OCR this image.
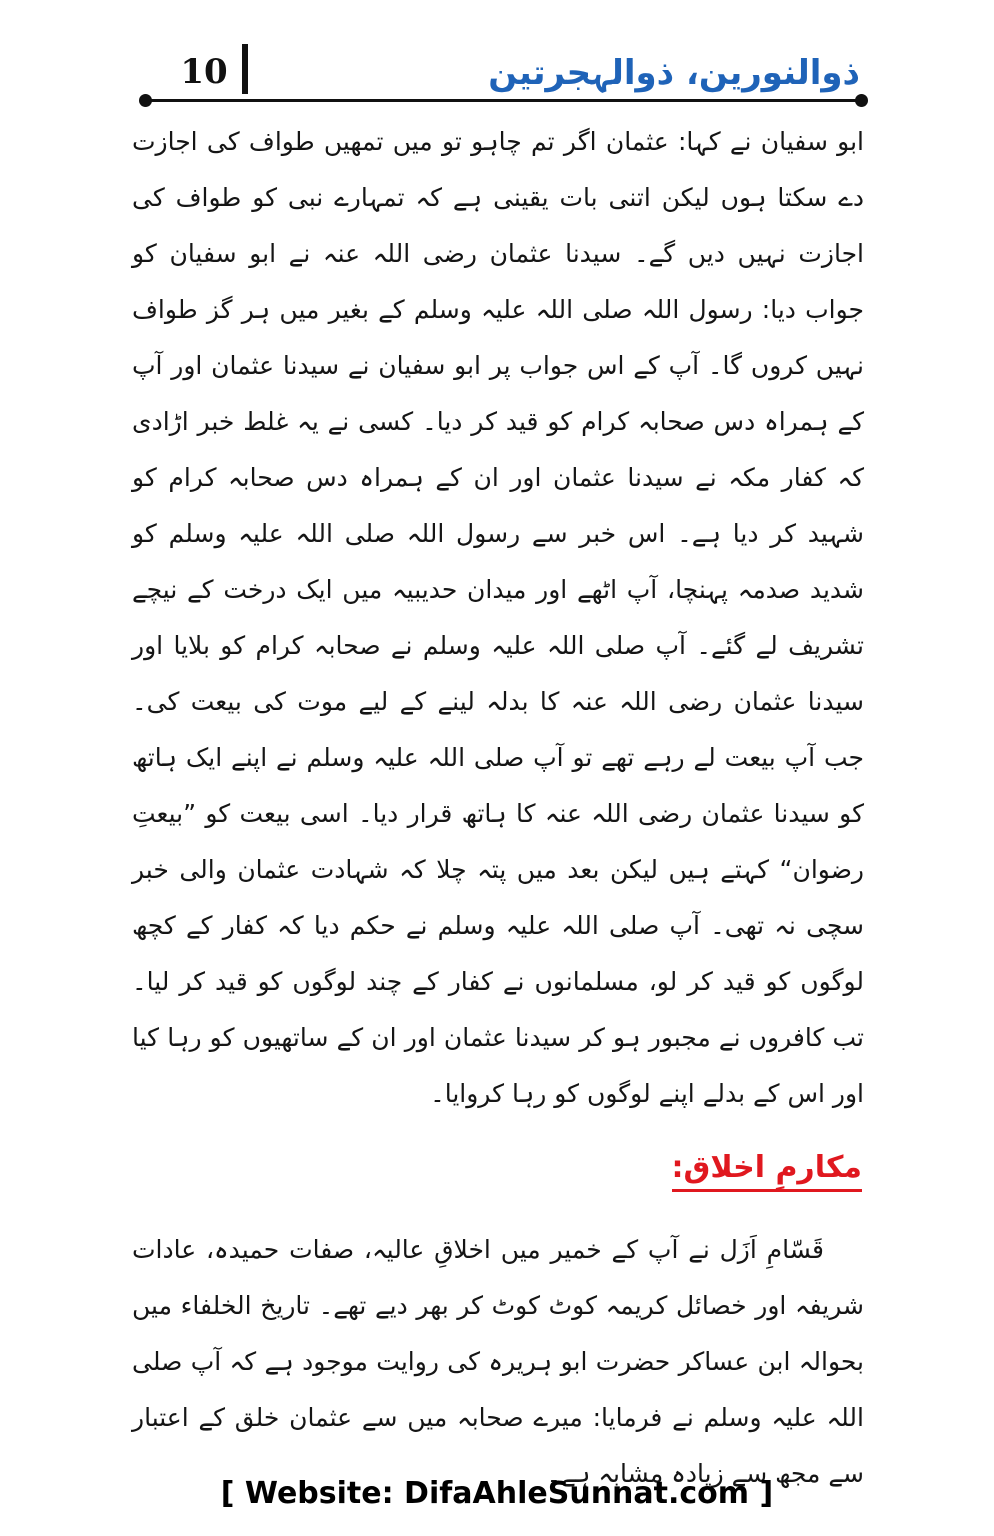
10	ذوالنورین، ذوالہجرتین

ابو سفیان نے کہا: عثمان اگر تم چاہو تو میں تمھیں طواف کی اجازت دے سکتا ہوں لیکن اتنی بات یقینی ہے کہ تمہارے نبی کو طواف کی اجازت نہیں دیں گے۔ سیدنا عثمان رضی اللہ عنہ نے ابو سفیان کو جواب دیا: رسول اللہ صلی اللہ علیہ وسلم کے بغیر میں ہر گز طواف نہیں کروں گا۔ آپ کے اس جواب پر ابو سفیان نے سیدنا عثمان اور آپ کے ہمراہ دس صحابہ کرام کو قید کر دیا۔ کسی نے یہ غلط خبر اڑادی کہ کفار مکہ نے سیدنا عثمان اور ان کے ہمراہ دس صحابہ کرام کو شہید کر دیا ہے۔ اس خبر سے رسول اللہ صلی اللہ علیہ وسلم کو شدید صدمہ پہنچا، آپ اٹھے اور میدان حدیبیہ میں ایک درخت کے نیچے تشریف لے گئے۔ آپ صلی اللہ علیہ وسلم نے صحابہ کرام کو بلایا اور سیدنا عثمان رضی اللہ عنہ کا بدلہ لینے کے لیے موت کی بیعت کی۔ جب آپ بیعت لے رہے تھے تو آپ صلی اللہ علیہ وسلم نے اپنے ایک ہاتھ کو سیدنا عثمان رضی اللہ عنہ کا ہاتھ قرار دیا۔ اسی بیعت کو ”بیعتِ رضوان“ کہتے ہیں لیکن بعد میں پتہ چلا کہ شہادت عثمان والی خبر سچی نہ تھی۔ آپ صلی اللہ علیہ وسلم نے حکم دیا کہ کفار کے کچھ لوگوں کو قید کر لو، مسلمانوں نے کفار کے چند لوگوں کو قید کر لیا۔ تب کافروں نے مجبور ہو کر سیدنا عثمان اور ان کے ساتھیوں کو رہا کیا اور اس کے بدلے اپنے لوگوں کو رہا کروایا۔

مکارمِ اخلاق:

قَسّامِ اَزَل نے آپ کے خمیر میں اخلاقِ عالیہ، صفات حمیدہ، عادات شریفہ اور خصائل کریمہ کوٹ کوٹ کر بھر دیے تھے۔ تاریخ الخلفاء میں بحوالہ ابن عساکر حضرت ابو ہریرہ کی روایت موجود ہے کہ آپ صلی اللہ علیہ وسلم نے فرمایا: میرے صحابہ میں سے عثمان خلق کے اعتبار سے مجھ سے زیادہ مشابہ ہے۔

[ Website: DifaAhleSunnat.com ]
